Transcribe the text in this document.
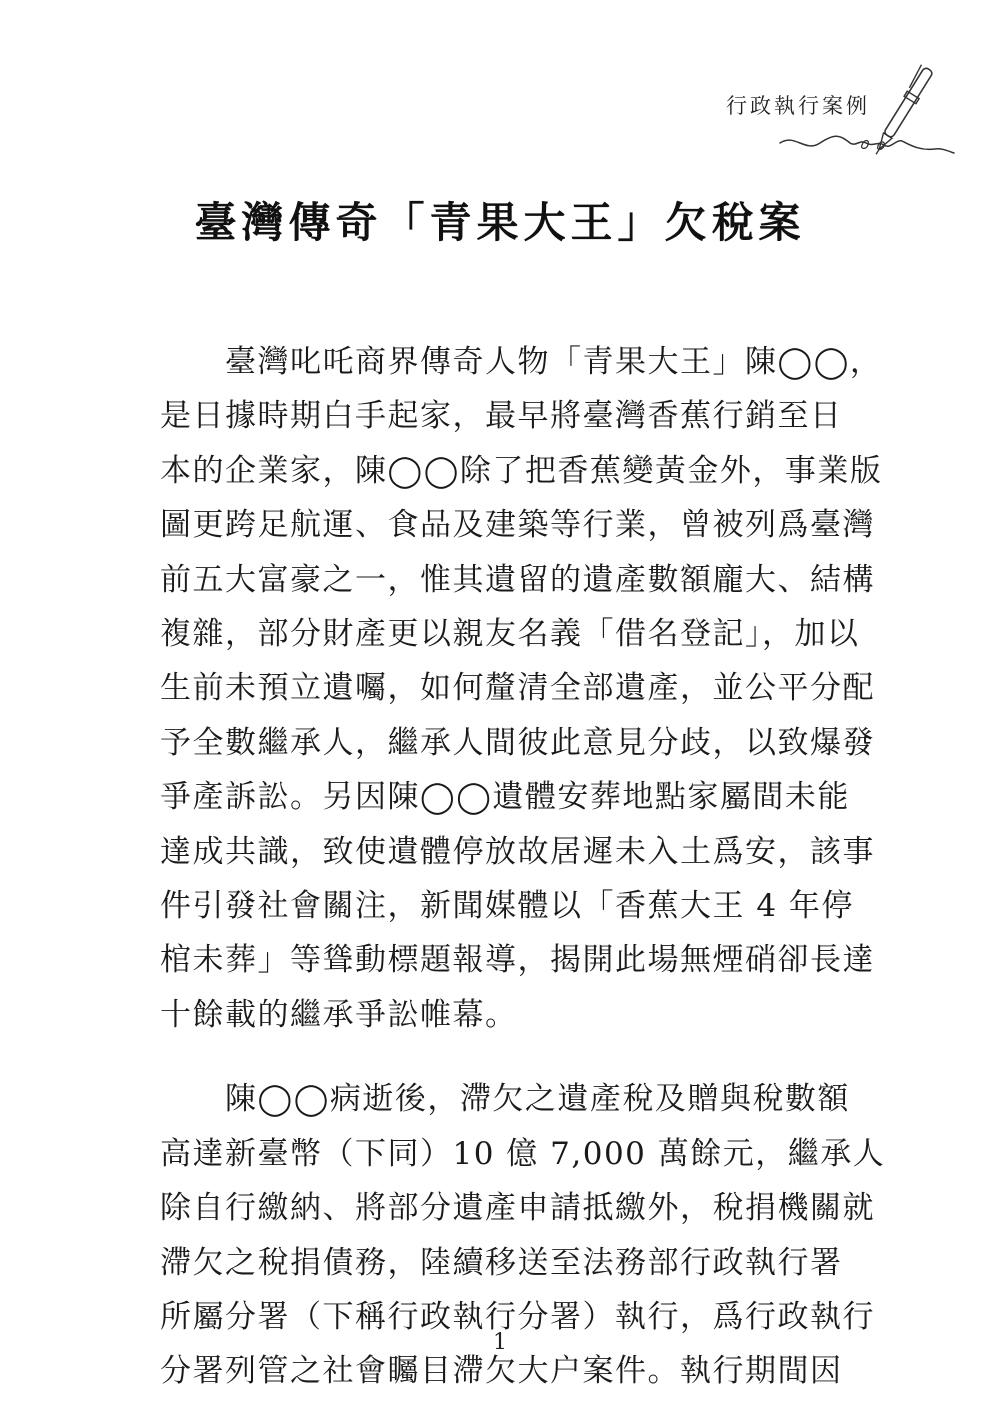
行政執行案例
臺灣傳奇「青果大王」欠稅案

　　臺灣叱吒商界傳奇人物「青果大王」陳◯◯，
是日據時期白手起家，最早將臺灣香蕉行銷至日
本的企業家，陳◯◯除了把香蕉變黃金外，事業版
圖更跨足航運、食品及建築等行業，曾被列爲臺灣
前五大富豪之一，惟其遺留的遺產數額龐大、結構
複雜，部分財產更以親友名義「借名登記」，加以
生前未預立遺囑，如何釐清全部遺產，並公平分配
予全數繼承人，繼承人間彼此意見分歧，以致爆發
爭產訴訟。另因陳◯◯遺體安葬地點家屬間未能
達成共識，致使遺體停放故居遲未入土爲安，該事
件引發社會關注，新聞媒體以「香蕉大王 4 年停
棺未葬」等聳動標題報導，揭開此場無煙硝卻長達
十餘載的繼承爭訟帷幕。

　　陳◯◯病逝後，滯欠之遺產稅及贈與稅數額
高達新臺幣（下同）10 億 7,000 萬餘元，繼承人
除自行繳納、將部分遺產申請抵繳外，稅捐機關就
滯欠之稅捐債務，陸續移送至法務部行政執行署
所屬分署（下稱行政執行分署）執行，爲行政執行
分署列管之社會矚目滯欠大户案件。執行期間因

1
